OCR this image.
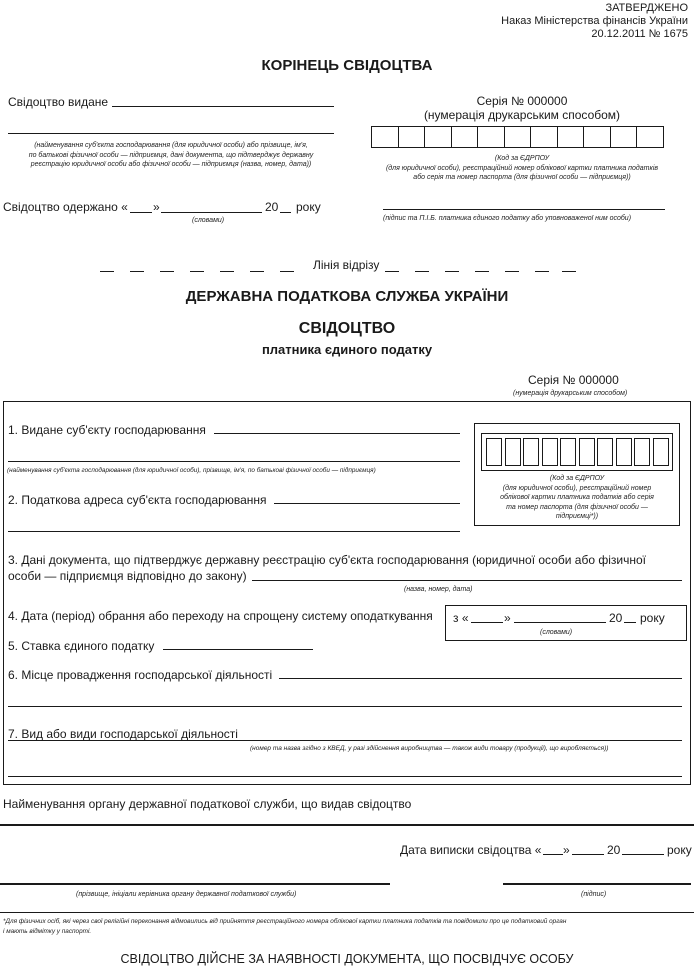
ЗАТВЕРДЖЕНО
Наказ Міністерства фінансів України
20.12.2011 № 1675
КОРІНЕЦЬ СВІДОЦТВА
Свідоцтво видане
(найменування суб'єкта господарювання (для юридичної особи) або прізвище, ім'я,
по батькові фізичної особи — підприємця, дані документа, що підтверджує державну
реєстрацію юридичної особи або фізичної особи — підприємця (назва, номер, дата))
Серія № 000000
(нумерація друкарським способом)
(Код за ЄДРПОУ
(для юридичної особи), реєстраційний номер облікової картки платника податків
або серія та номер паспорта (для фізичної особи — підприємця))
Свідоцтво одержано « »	20 року
(словами)	(підпис та П.І.Б. платника єдиного податку або уповноваженої ним особи)
Лінія відрізу
ДЕРЖАВНА ПОДАТКОВА СЛУЖБА УКРАЇНИ
СВІДОЦТВО
платника єдиного податку
Серія № 000000
(нумерація друкарським способом)
1. Видане суб'єкту господарювання
(найменування суб'єкта господарювання (для юридичної особи), прізвище, ім'я, по батькові фізичної особи — підприємця)
(Код за ЄДРПОУ
(для юридичної особи), реєстраційний номер
облікової картки платника податків або серія
та номер паспорта (для фізичної особи —
підприємці*))
2. Податкова адреса суб'єкта господарювання
3. Дані документа, що підтверджує державну реєстрацію суб'єкта господарювання (юридичної особи або фізичної
особи — підприємця відповідно до закону)
(назва, номер, дата)
4. Дата (період) обрання або переходу на спрощену систему оподаткування з «	»	20 року
(словами)
5. Ставка єдиного податку
6. Місце провадження господарської діяльності
7. Вид або види господарської діяльності
(номер та назва згідно з КВЕД, у разі здійснення виробництва — також види товару (продукції), що виробляється))
Найменування органу державної податкової служби, що видав свідоцтво
Дата виписки свідоцтва « »	20	року
(прізвище, ініціали керівника органу державної податкової служби)	(підпис)
*Для фізичних осіб, які через свої релігійні переконання відмовились від прийняття реєстраційного номера облікової картки платника податків та повідомили про це податковий орган
і мають відмітку у паспорті.
СВІДОЦТВО ДІЙСНЕ ЗА НАЯВНОСТІ ДОКУМЕНТА, ЩО ПОСВІДЧУЄ ОСОБУ
